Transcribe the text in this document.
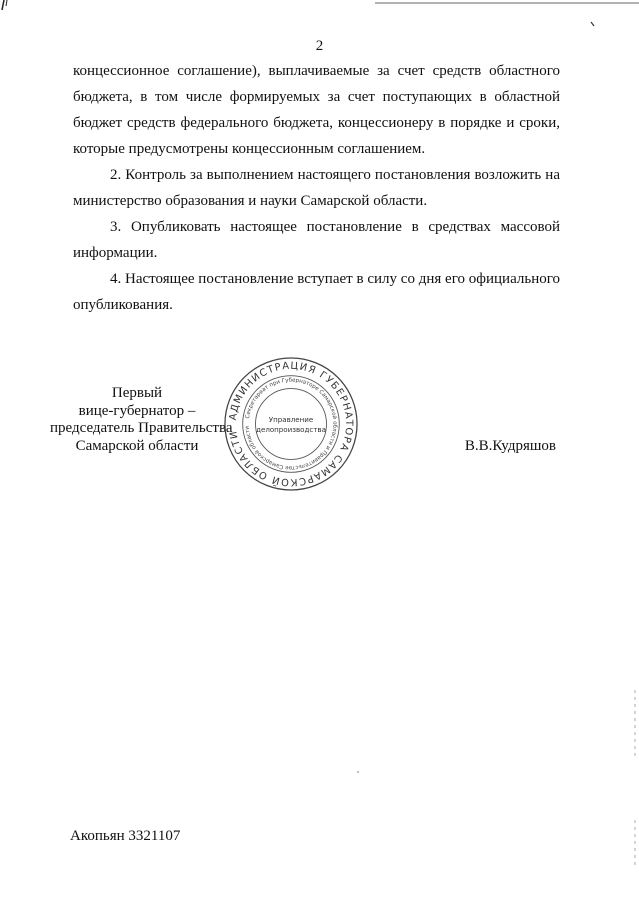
2

концессионное соглашение), выплачиваемые за счет средств областного бюджета, в том числе формируемых за счет поступающих в областной бюджет средств федерального бюджета, концессионеру в порядке и сроки, которые предусмотрены концессионным соглашением.

2. Контроль за выполнением настоящего постановления возложить на министерство образования и науки Самарской области.

3. Опубликовать настоящее постановление в средствах массовой информации.

4. Настоящее постановление вступает в силу со дня его официального опубликования.

Первый
вице-губернатор –
председатель Правительства
Самарской области
АДМИНИСТРАЦИЯ ГУБЕРНАТОРА САМАРСКОЙ ОБЛАСТИ
Секретариат при Губернаторе Самарской области и Правительстве Самарской области
Управление
делопроизводства
В.В.Кудряшов
Акопьян 3321107
